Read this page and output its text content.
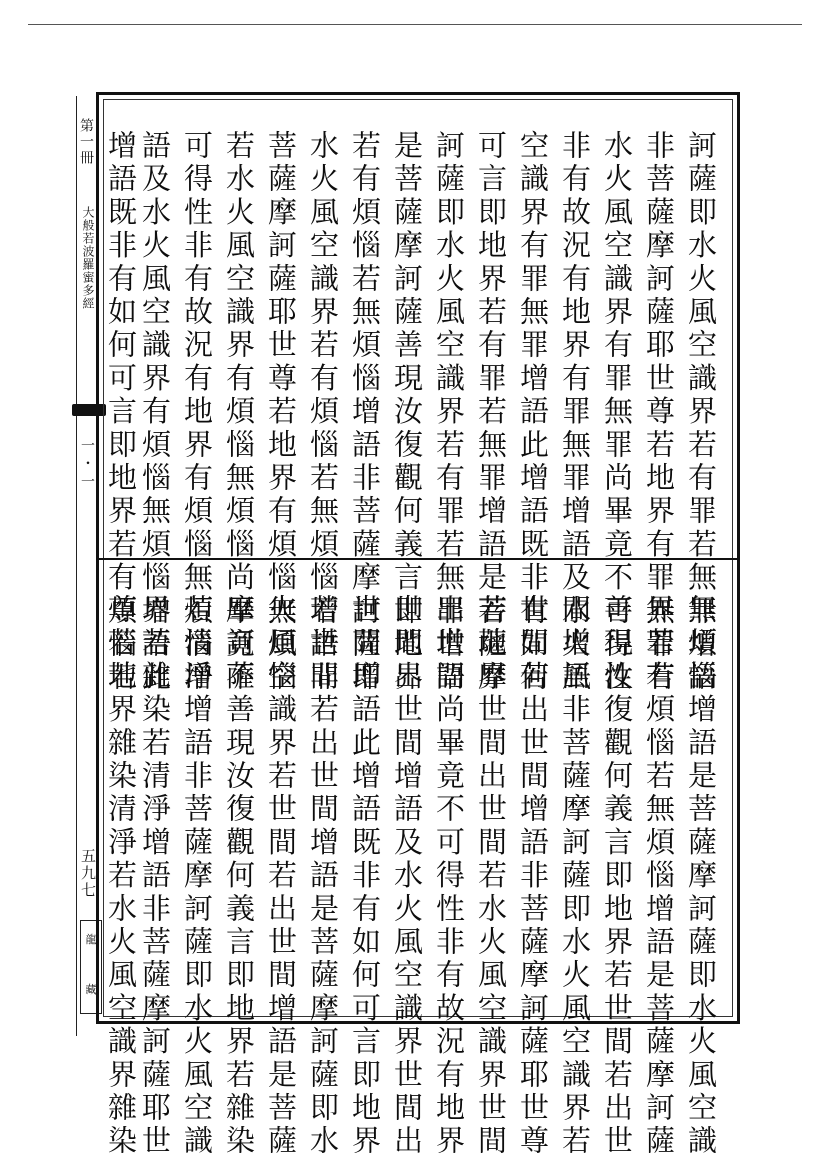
第一冊
大般若波羅蜜多經
一・一
五九七
龍
藏
訶薩即水火風空識界若有罪若無罪增語
非菩薩摩訶薩耶世尊若地界有罪無罪若
水火風空識界有罪無罪尚畢竟不可得性
非有故況有地界有罪無罪增語及水火風
空識界有罪無罪增語此增語既非有如何
可言即地界若有罪若無罪增語是菩薩摩
訶薩即水火風空識界若有罪若無罪增語
是菩薩摩訶薩善現汝復觀何義言即地界
若有煩惱若無煩惱增語非菩薩摩訶薩即
水火風空識界若有煩惱若無煩惱增語非
菩薩摩訶薩耶世尊若地界有煩惱無煩惱
若水火風空識界有煩惱無煩惱尚畢竟不
可得性非有故況有地界有煩惱無煩惱增
語及水火風空識界有煩惱無煩惱增語此
增語既非有如何可言即地界若有煩惱若
無煩惱增語是菩薩摩訶薩即水火風空識
界若有煩惱若無煩惱增語是菩薩摩訶薩
善現汝復觀何義言即地界若世間若出世
間增語非菩薩摩訶薩即水火風空識界若
世間若出世間增語非菩薩摩訶薩耶世尊
若地界世間出世間若水火風空識界世間
出世間尚畢竟不可得性非有故況有地界
世間出世間增語及水火風空識界世間出
世間增語此增語既非有如何可言即地界
若世間若出世間增語是菩薩摩訶薩即水
火風空識界若世間若出世間增語是菩薩
摩訶薩善現汝復觀何義言即地界若雜染
若清淨增語非菩薩摩訶薩即水火風空識
界若雜染若清淨增語非菩薩摩訶薩耶世
尊若地界雜染清淨若水火風空識界雜染
